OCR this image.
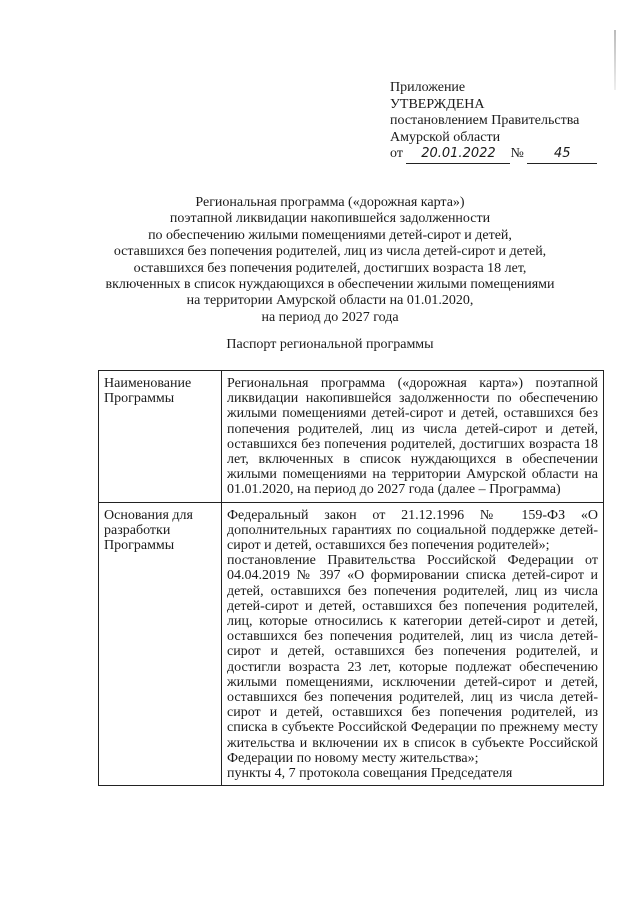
Приложение
УТВЕРЖДЕНА
постановлением Правительства
Амурской области
от 20.01.2022 № 45
Региональная программа («дорожная карта»)
поэтапной ликвидации накопившейся задолженности
по обеспечению жилыми помещениями детей-сирот и детей,
оставшихся без попечения родителей, лиц из числа детей-сирот и детей,
оставшихся без попечения родителей, достигших возраста 18 лет,
включенных в список нуждающихся в обеспечении жилыми помещениями
на территории Амурской области на 01.01.2020,
на период до 2027 года
Паспорт региональной программы
Наименование Программы	Региональная программа («дорожная карта») поэтапной ликвидации накопившейся задолженности по обеспечению жилыми помещениями детей-сирот и детей, оставшихся без попечения родителей, лиц из числа детей-сирот и детей, оставшихся без попечения родителей, достигших возраста 18 лет, включенных в список нуждающихся в обеспечении жилыми помещениями на территории Амурской области на 01.01.2020, на период до 2027 года (далее – Программа)

Основания для разработки Программы	Федеральный закон от 21.12.1996 № 159-ФЗ «О дополнительных гарантиях по социальной поддержке детей-сирот и детей, оставшихся без попечения родителей»;

постановление Правительства Российской Федерации от 04.04.2019 № 397 «О формировании списка детей-сирот и детей, оставшихся без попечения родителей, лиц из числа детей-сирот и детей, оставшихся без попечения родителей, лиц, которые относились к категории детей-сирот и детей, оставшихся без попечения родителей, лиц из числа детей-сирот и детей, оставшихся без попечения родителей, и достигли возраста 23 лет, которые подлежат обеспечению жилыми помещениями, исключении детей-сирот и детей, оставшихся без попечения родителей, лиц из числа детей-сирот и детей, оставшихся без попечения родителей, из списка в субъекте Российской Федерации по прежнему месту жительства и включении их в список в субъекте Российской Федерации по новому месту жительства»;

пункты 4, 7 протокола совещания Председателя
